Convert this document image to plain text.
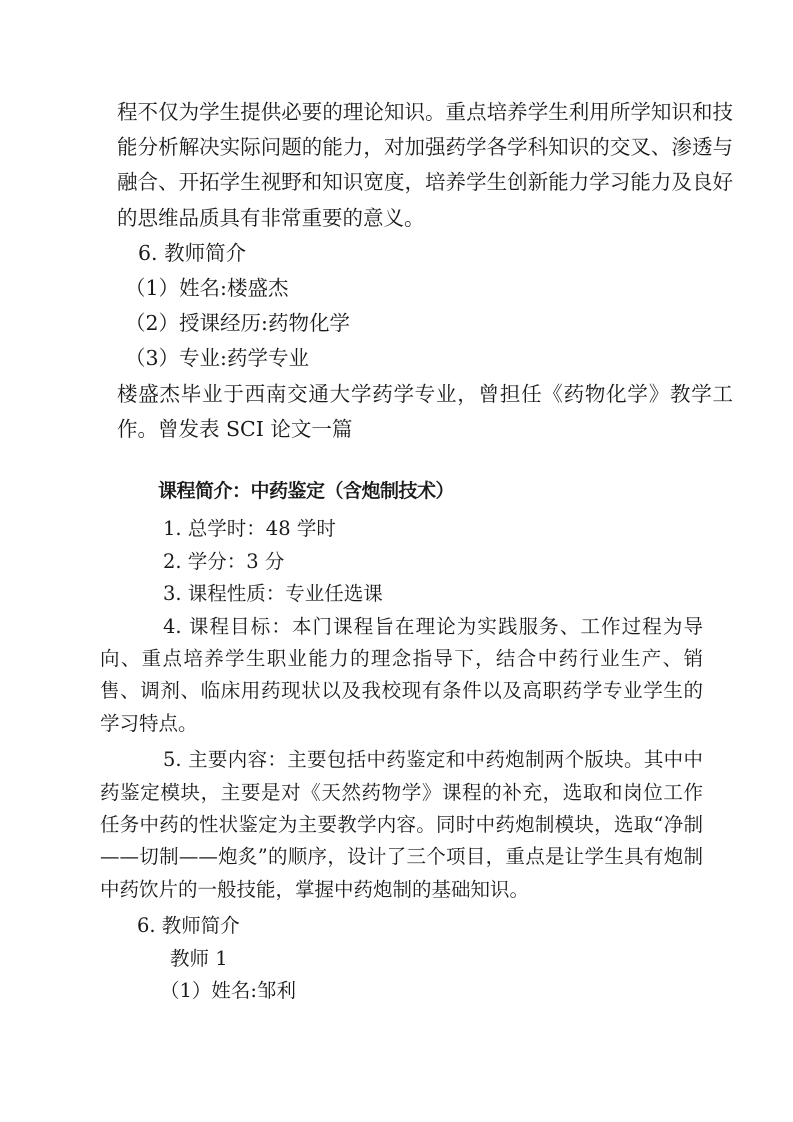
程不仅为学生提供必要的理论知识。重点培养学生利用所学知识和技能分析解决实际问题的能力，对加强药学各学科知识的交叉、渗透与融合、开拓学生视野和知识宽度，培养学生创新能力学习能力及良好的思维品质具有非常重要的意义。

6. 教师简介
（1）姓名:楼盛杰
（2）授课经历:药物化学
（3）专业:药学专业

楼盛杰毕业于西南交通大学药学专业，曾担任《药物化学》教学工作。曾发表 SCI 论文一篇

课程简介：中药鉴定（含炮制技术）
1. 总学时：48 学时
2. 学分：3 分
3. 课程性质：专业任选课

4. 课程目标：本门课程旨在理论为实践服务、工作过程为导向、重点培养学生职业能力的理念指导下，结合中药行业生产、销售、调剂、临床用药现状以及我校现有条件以及高职药学专业学生的学习特点。

5. 主要内容：主要包括中药鉴定和中药炮制两个版块。其中中药鉴定模块，主要是对《天然药物学》课程的补充，选取和岗位工作任务中药的性状鉴定为主要教学内容。同时中药炮制模块，选取“净制——切制——炮炙”的顺序，设计了三个项目，重点是让学生具有炮制中药饮片的一般技能，掌握中药炮制的基础知识。

6. 教师简介
教师 1
（1）姓名:邹利
